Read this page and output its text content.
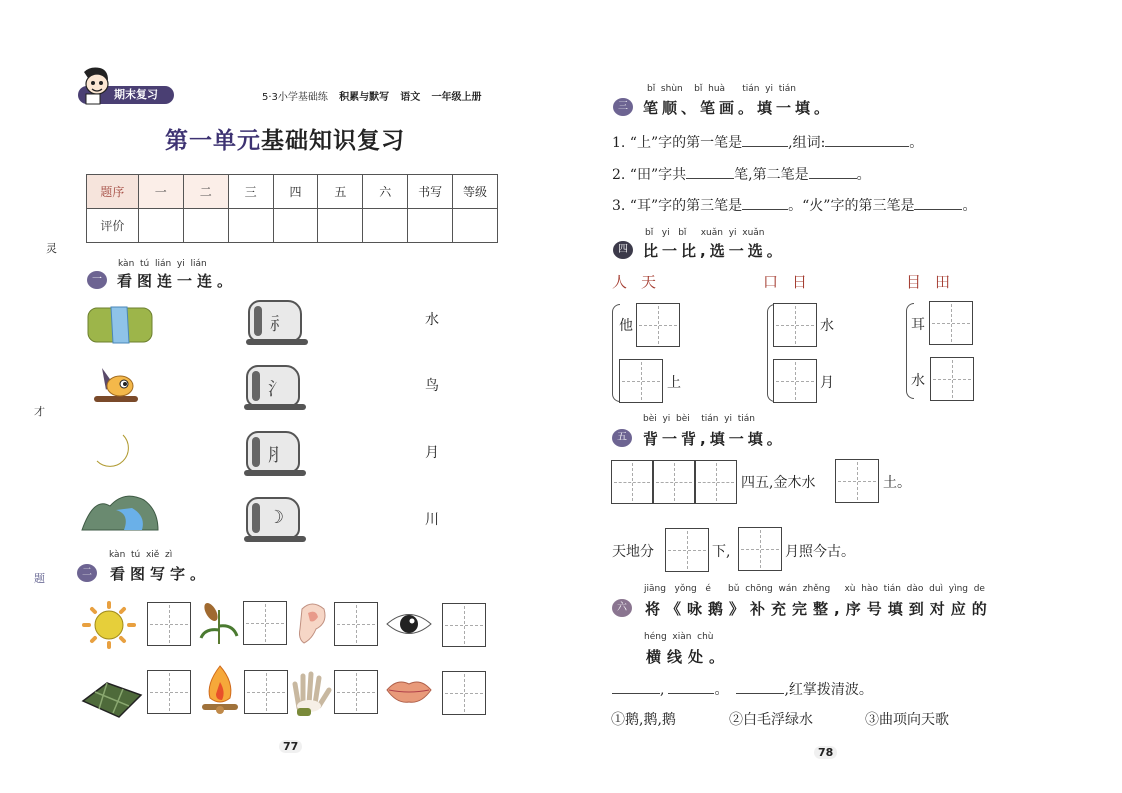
灵
才
题
期末复习	5·3小学基础练 积累与默写 语文 一年级上册
第一单元基础知识复习
题序	一	二	三	四	五	六	书写	等级
评价								
kàn  tú  lián  yi  lián
一	看图连一连。
⺬
氵
⺼
☽
水
鸟
月
川
kàn  tú  xiě  zì
二	看图写字。
77
bǐ  shùn    bǐ  huà      tián  yi  tián
三	笔顺、笔画。填一填。
1. “上”字的第一笔是	,组词:	。
2. “田”字共	笔,第二笔是	。
3. “耳”字的第三笔是	。“火”字的第三笔是	。
bǐ   yi   bǐ     xuǎn  yi  xuǎn
四	比一比,选一选。
人天
他
上
口日
水
月
目田
耳
水
bèi  yi  bèi    tián  yi  tián
五	背一背,填一填。
四五,金木水	土。
天地分	下,	月照今古。
jiāng   yǒng   é      bǔ  chōng  wán  zhěng     xù  hào  tián  dào  duì  yìng  de
六	将《咏鹅》补充完整,序号填到对应的
héng  xiàn  chù
横线处。
,	。	,红掌拨清波。
①鹅,鹅,鹅	②白毛浮绿水	③曲项向天歌
78
